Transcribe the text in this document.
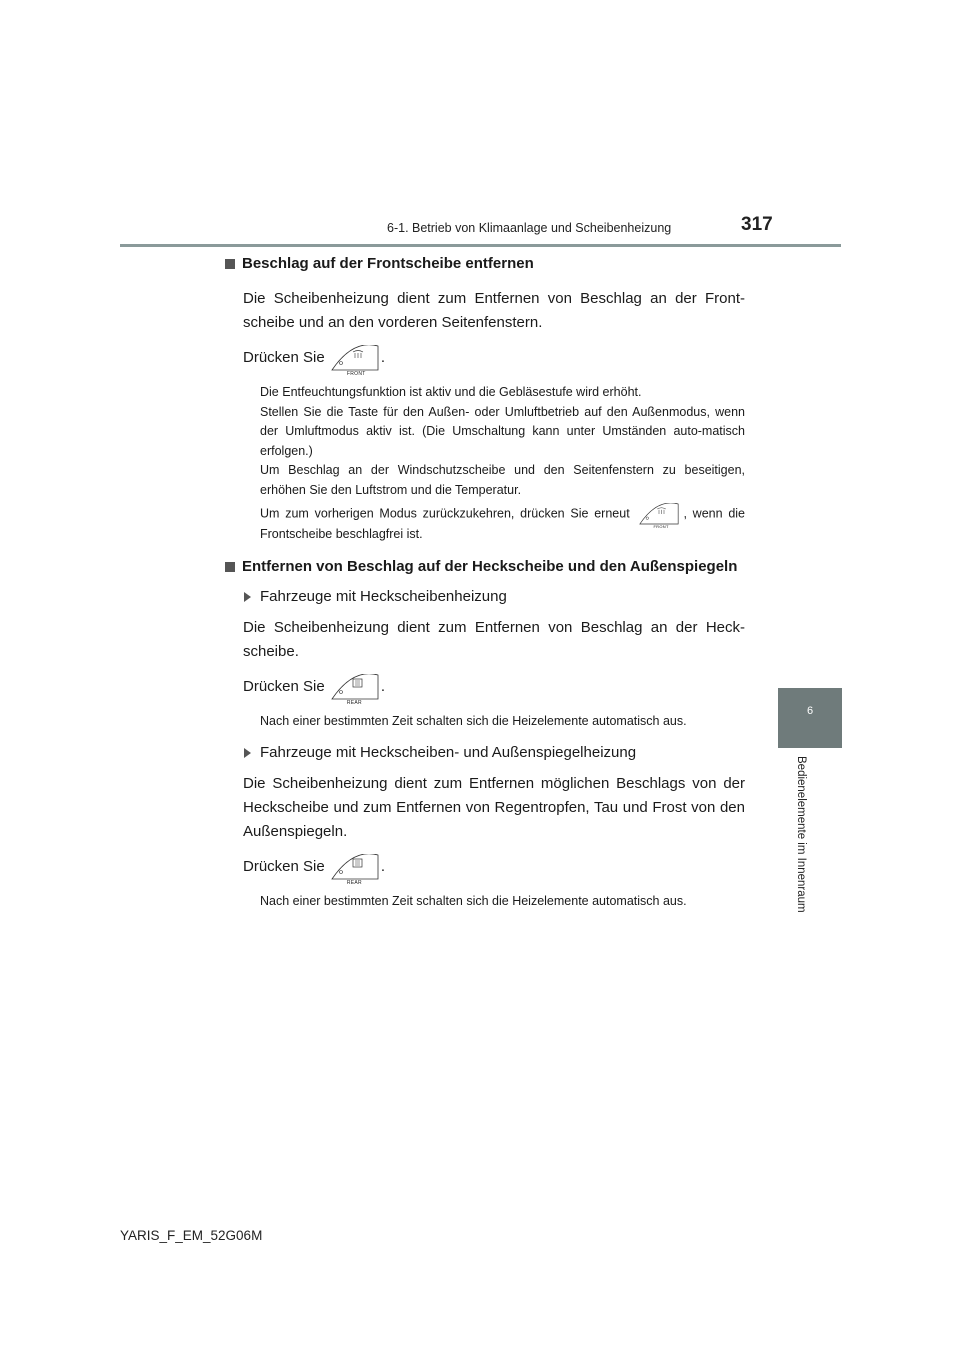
6-1. Betrieb von Klimaanlage und Scheibenheizung	317
6
Bedienelemente im Innenraum

Beschlag auf der Frontscheibe entfernen

Die Scheibenheizung dient zum Entfernen von Beschlag an der Front-scheibe und an den vorderen Seitenfenstern.

Drücken Sie
FRONT
.

Die Entfeuchtungsfunktion ist aktiv und die Gebläsestufe wird erhöht.

Stellen Sie die Taste für den Außen- oder Umluftbetrieb auf den Außenmodus, wenn der Umluftmodus aktiv ist. (Die Umschaltung kann unter Umständen auto-matisch erfolgen.)

Um Beschlag an der Windschutzscheibe und den Seitenfenstern zu beseitigen, erhöhen Sie den Luftstrom und die Temperatur.

Um zum vorherigen Modus zurückzukehren, drücken Sie erneut
FRONT
, wenn die Frontscheibe beschlagfrei ist.

Entfernen von Beschlag auf der Heckscheibe und den Außenspiegeln

Fahrzeuge mit Heckscheibenheizung

Die Scheibenheizung dient zum Entfernen von Beschlag an der Heck-scheibe.

Drücken Sie
REAR
.

Nach einer bestimmten Zeit schalten sich die Heizelemente automatisch aus.

Fahrzeuge mit Heckscheiben- und Außenspiegelheizung

Die Scheibenheizung dient zum Entfernen möglichen Beschlags von der Heckscheibe und zum Entfernen von Regentropfen, Tau und Frost von den Außenspiegeln.

Drücken Sie
REAR
.

Nach einer bestimmten Zeit schalten sich die Heizelemente automatisch aus.

YARIS_F_EM_52G06M
